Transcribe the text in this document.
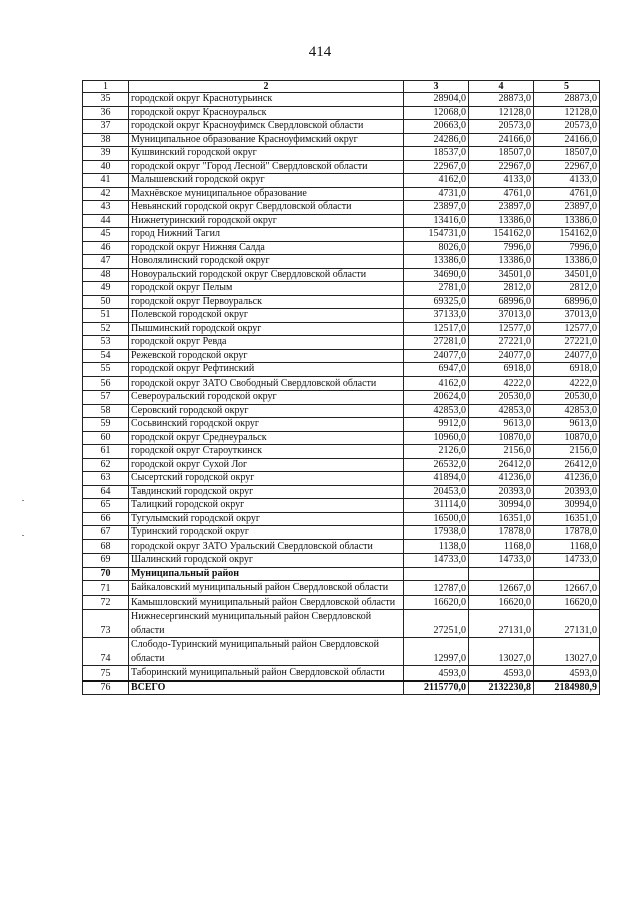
414
1	2	3	4	5
35	городской округ Краснотурьинск	28904,0	28873,0	28873,0
36	городской округ Красноуральск	12068,0	12128,0	12128,0
37	городской округ Красноуфимск Свердловской области	20663,0	20573,0	20573,0
38	Муниципальное образование Красноуфимский округ	24286,0	24166,0	24166,0
39	Кушвинский городской округ	18537,0	18507,0	18507,0
40	городской округ "Город Лесной" Свердловской области	22967,0	22967,0	22967,0
41	Малышевский городской округ	4162,0	4133,0	4133,0
42	Махнёвское муниципальное образование	4731,0	4761,0	4761,0
43	Невьянский городской округ Свердловской области	23897,0	23897,0	23897,0
44	Нижнетуринский городской округ	13416,0	13386,0	13386,0
45	город Нижний Тагил	154731,0	154162,0	154162,0
46	городской округ Нижняя Салда	8026,0	7996,0	7996,0
47	Новолялинский городской округ	13386,0	13386,0	13386,0
48	Новоуральский городской округ Свердловской области	34690,0	34501,0	34501,0
49	городской округ Пелым	2781,0	2812,0	2812,0
50	городской округ Первоуральск	69325,0	68996,0	68996,0
51	Полевской городской округ	37133,0	37013,0	37013,0
52	Пышминский городской округ	12517,0	12577,0	12577,0
53	городской округ Ревда	27281,0	27221,0	27221,0
54	Режевской городской округ	24077,0	24077,0	24077,0
55	городской округ Рефтинский	6947,0	6918,0	6918,0
56	городской округ ЗАТО Свободный Свердловской области	4162,0	4222,0	4222,0
57	Североуральский городской округ	20624,0	20530,0	20530,0
58	Серовский городской округ	42853,0	42853,0	42853,0
59	Сосьвинский городской округ	9912,0	9613,0	9613,0
60	городской округ Среднеуральск	10960,0	10870,0	10870,0
61	городской округ Староуткинск	2126,0	2156,0	2156,0
62	городской округ Сухой Лог	26532,0	26412,0	26412,0
63	Сысертский городской округ	41894,0	41236,0	41236,0
64	Тавдинский городской округ	20453,0	20393,0	20393,0
65	Талицкий городской округ	31114,0	30994,0	30994,0
66	Тугулымский городской округ	16500,0	16351,0	16351,0
67	Туринский городской округ	17938,0	17878,0	17878,0
68	городской округ ЗАТО Уральский Свердловской области	1138,0	1168,0	1168,0
69	Шалинский городской округ	14733,0	14733,0	14733,0
70	Муниципальный район			
71	Байкаловский муниципальный район Свердловской области	12787,0	12667,0	12667,0
72	Камышловский муниципальный район Свердловской области	16620,0	16620,0	16620,0
73	Нижнесергинский муниципальный район Свердловской области	27251,0	27131,0	27131,0
74	Слободо-Туринский муниципальный район Свердловской области	12997,0	13027,0	13027,0
75	Таборинский муниципальный район Свердловской области	4593,0	4593,0	4593,0
76	ВСЕГО	2115770,0	2132230,8	2184980,9
